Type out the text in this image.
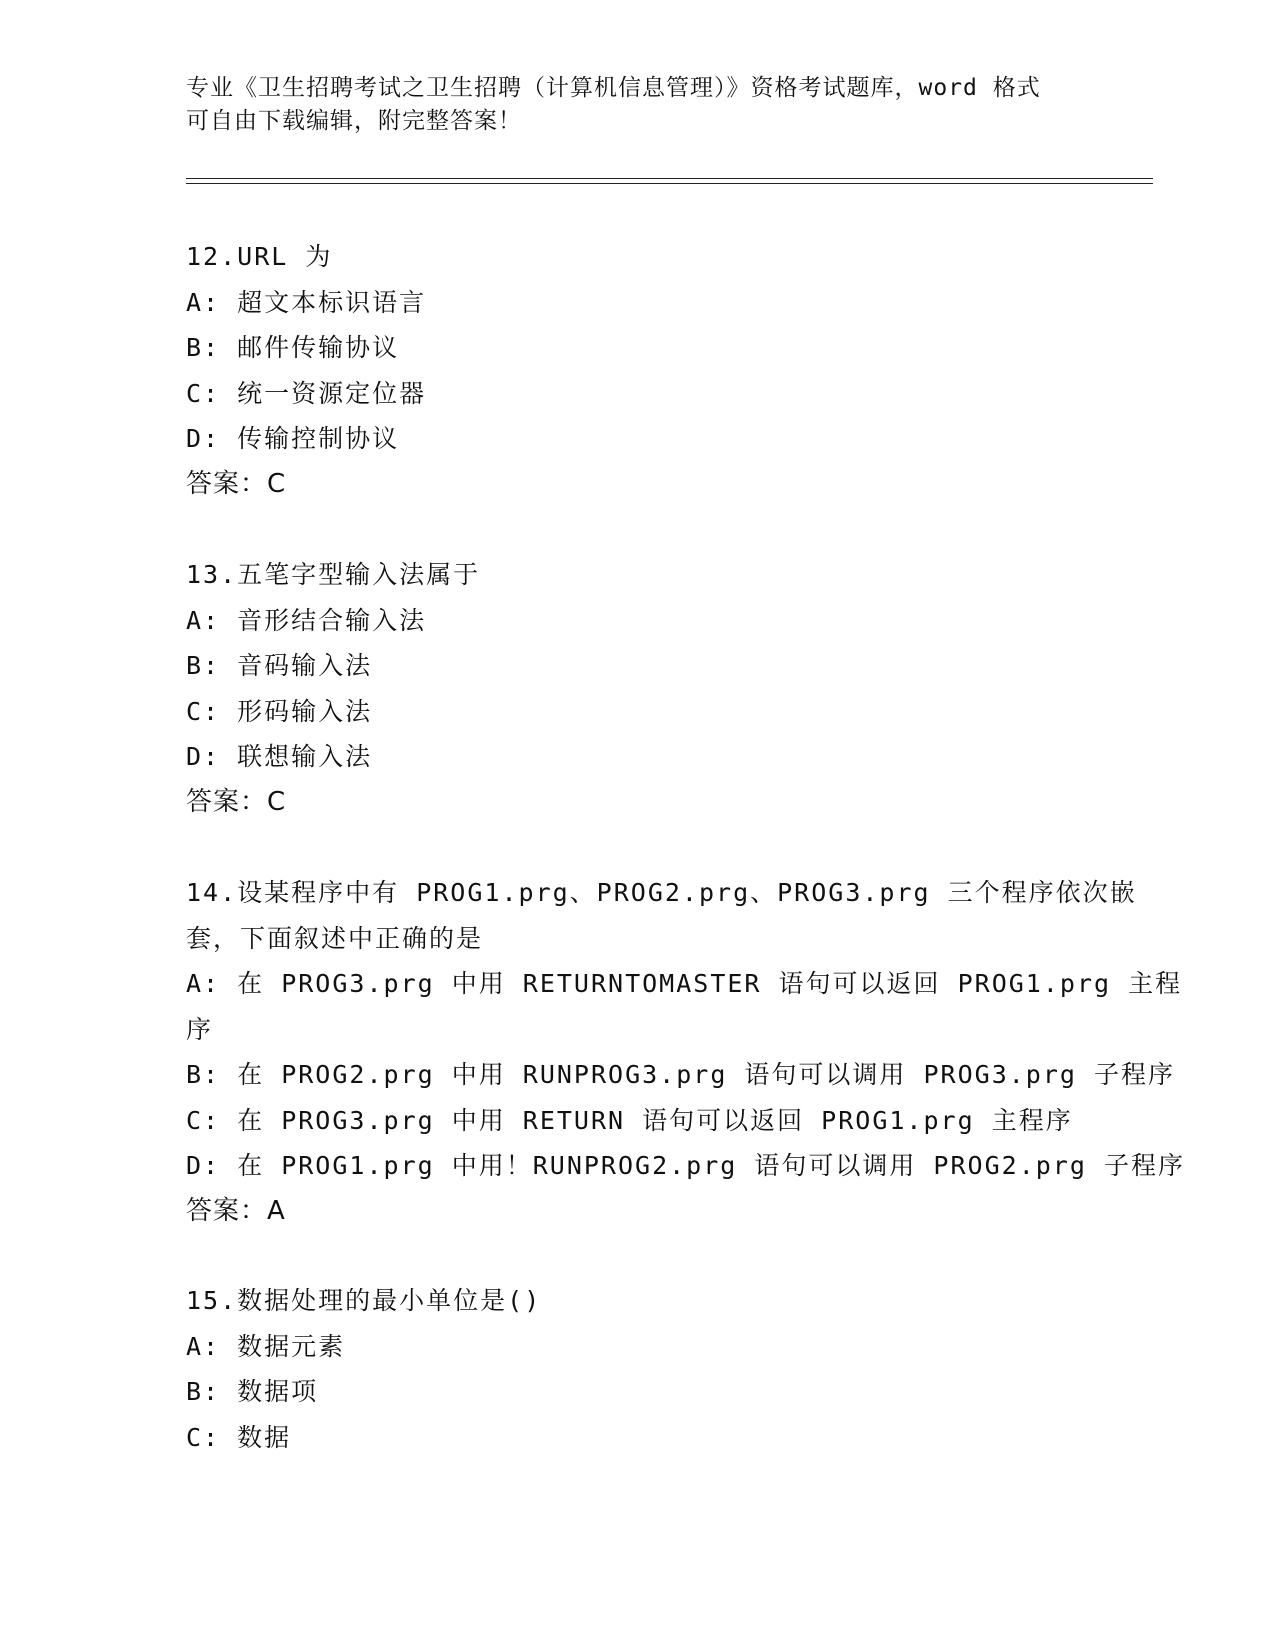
专业《卫生招聘考试之卫生招聘（计算机信息管理）》资格考试题库，word 格式

可自由下载编辑，附完整答案！

12.URL 为
A: 超文本标识语言
B: 邮件传输协议
C: 统一资源定位器
D: 传输控制协议
答案：C
13.五笔字型输入法属于
A: 音形结合输入法
B: 音码输入法
C: 形码输入法
D: 联想输入法
答案：C
14.设某程序中有 PROG1.prg、PROG2.prg、PROG3.prg 三个程序依次嵌
套，下面叙述中正确的是
A: 在 PROG3.prg 中用 RETURNTOMASTER 语句可以返回 PROG1.prg 主程
序
B: 在 PROG2.prg 中用 RUNPROG3.prg 语句可以调用 PROG3.prg 子程序
C: 在 PROG3.prg 中用 RETURN 语句可以返回 PROG1.prg 主程序
D: 在 PROG1.prg 中用！RUNPROG2.prg 语句可以调用 PROG2.prg 子程序
答案：A
15.数据处理的最小单位是()
A: 数据元素
B: 数据项
C: 数据
